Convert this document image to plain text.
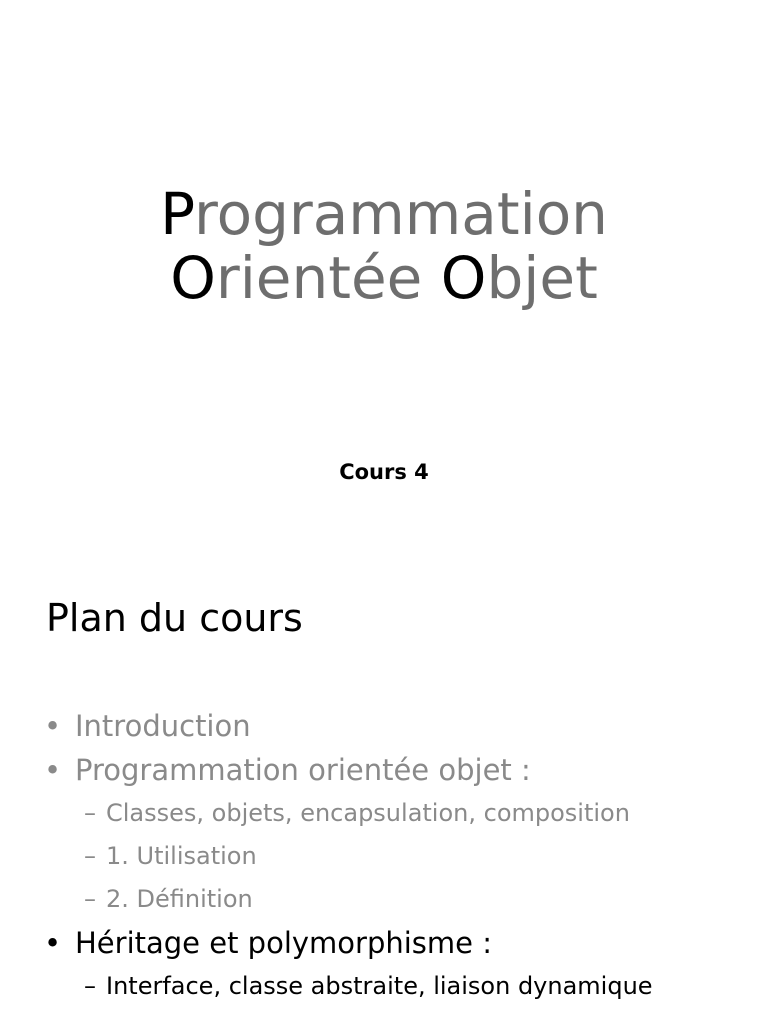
Programmation
Orientée Objet
Cours 4
Plan du cours
• Introduction
• Programmation orientée objet :
– Classes, objets, encapsulation, composition
– 1. Utilisation
– 2. Définition
• Héritage et polymorphisme :
– Interface, classe abstraite, liaison dynamique
